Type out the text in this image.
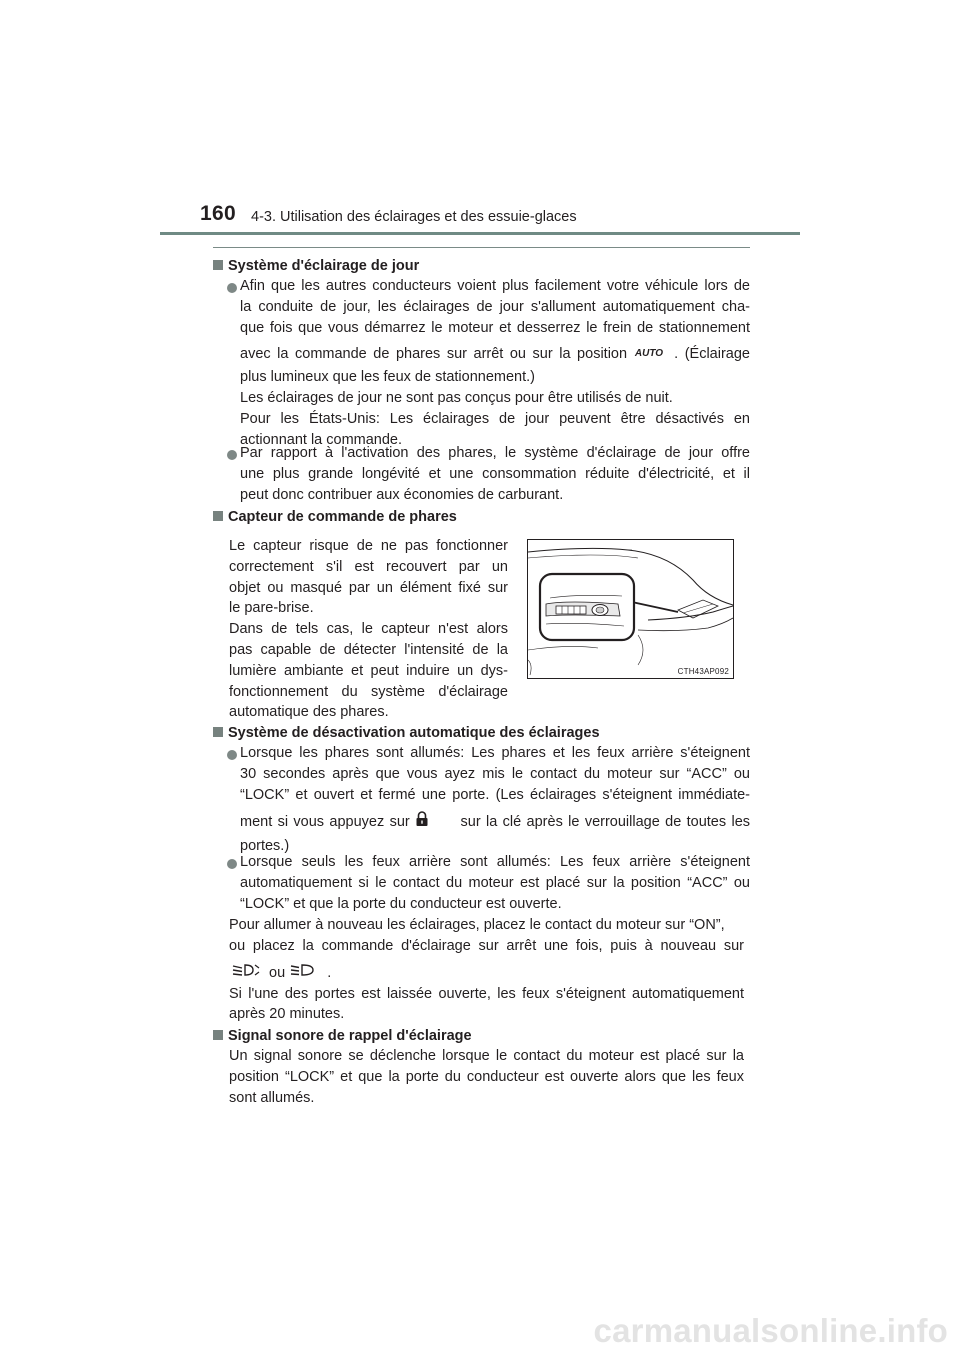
160 4-3. Utilisation des éclairages et des essuie-glaces
Système d'éclairage de jour
Afin que les autres conducteurs voient plus facilement votre véhicule lors de
la conduite de jour, les éclairages de jour s'allument automatiquement cha-
que fois que vous démarrez le moteur et desserrez le frein de stationnement
avec la commande de phares sur arrêt ou sur la position AUTO . (Éclairage
plus lumineux que les feux de stationnement.)
Les éclairages de jour ne sont pas conçus pour être utilisés de nuit.
Pour les États-Unis: Les éclairages de jour peuvent être désactivés en
actionnant la commande.
Par rapport à l'activation des phares, le système d'éclairage de jour offre
une plus grande longévité et une consommation réduite d'électricité, et il
peut donc contribuer aux économies de carburant.
Capteur de commande de phares
Le capteur risque de ne pas fonctionner
correctement s'il est recouvert par un
objet ou masqué par un élément fixé sur
le pare-brise.
Dans de tels cas, le capteur n'est alors
pas capable de détecter l'intensité de la
lumière ambiante et peut induire un dys-
fonctionnement du système d'éclairage
automatique des phares.
CTH43AP092
Système de désactivation automatique des éclairages
Lorsque les phares sont allumés: Les phares et les feux arrière s'éteignent
30 secondes après que vous ayez mis le contact du moteur sur “ACC” ou
“LOCK” et ouvert et fermé une porte. (Les éclairages s'éteignent immédiate-
ment si vous appuyez sur	sur la clé après le verrouillage de toutes les
portes.)
Lorsque seuls les feux arrière sont allumés: Les feux arrière s'éteignent
automatiquement si le contact du moteur est placé sur la position “ACC” ou
“LOCK” et que la porte du conducteur est ouverte.
Pour allumer à nouveau les éclairages, placez le contact du moteur sur “ON”,
ou placez la commande d'éclairage sur arrêt une fois, puis à nouveau sur
ou	.
Si l'une des portes est laissée ouverte, les feux s'éteignent automatiquement
après 20 minutes.
Signal sonore de rappel d'éclairage
Un signal sonore se déclenche lorsque le contact du moteur est placé sur la
position “LOCK” et que la porte du conducteur est ouverte alors que les feux
sont allumés.
carmanualsonline.info
